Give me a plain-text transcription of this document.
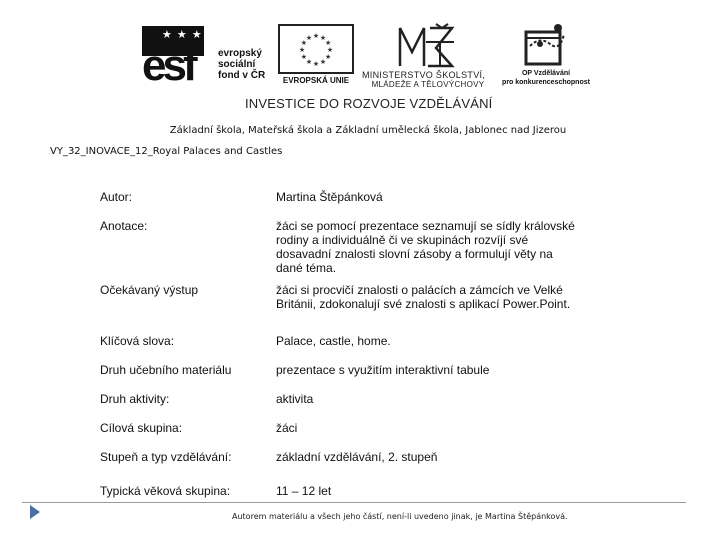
★ ★ ★
esf evropský
sociální
fond v ČR
★ ★
★
★
★
★
★
★
★
★
★
★
EVROPSKÁ UNIE
MINISTERSTVO ŠKOLSTVÍ,
MLÁDEŽE A TĚLOVÝCHOVY
OP Vzdělávání
pro konkurenceschopnost
INVESTICE DO ROZVOJE VZDĚLÁVÁNÍ
Základní škola, Mateřská škola a Základní umělecká škola, Jablonec nad Jizerou
VY_32_INOVACE_12_Royal Palaces and Castles
Autor:	Martina Štěpánková
Anotace:	žáci se pomocí prezentace seznamují se sídly královské rodiny a individuálně či ve skupinách rozvíjí své dosavadní znalosti slovní zásoby a formulují věty na dané téma.
Očekávaný výstup	žáci si procvičí znalosti o palácích a zámcích ve Velké Británii, zdokonalují své znalosti s aplikací Power.Point.
Klíčová slova:	Palace, castle, home.
Druh učebního materiálu	prezentace s využitím interaktivní tabule
Druh aktivity:	aktivita
Cílová skupina:	žáci
Stupeň a typ vzdělávání:	základní vzdělávání, 2. stupeň
Typická věková skupina:	11 – 12 let
Autorem materiálu a všech jeho částí, není-li uvedeno jinak, je Martina Štěpánková.
